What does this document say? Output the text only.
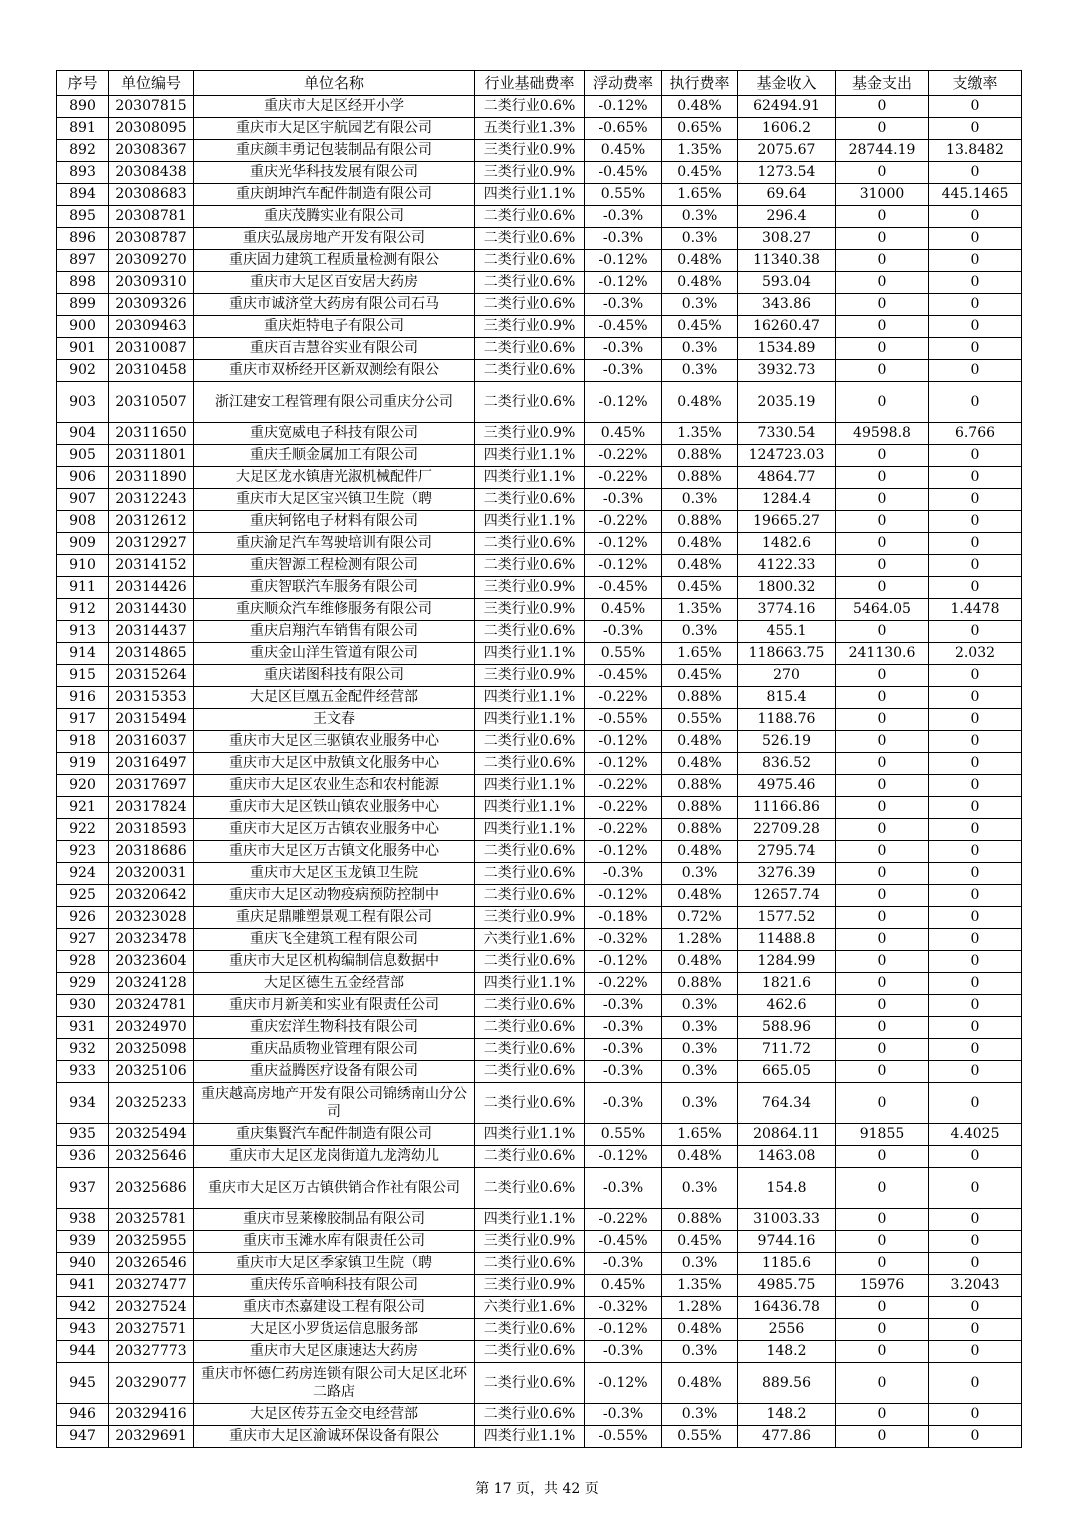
序号	单位编号	单位名称	行业基础费率	浮动费率	执行费率	基金收入	基金支出	支缴率
890	20307815	重庆市大足区经开小学	二类行业0.6%	-0.12%	0.48%	62494.91	0	0
891	20308095	重庆市大足区宇航园艺有限公司	五类行业1.3%	-0.65%	0.65%	1606.2	0	0
892	20308367	重庆颜丰勇记包装制品有限公司	三类行业0.9%	0.45%	1.35%	2075.67	28744.19	13.8482
893	20308438	重庆光华科技发展有限公司	三类行业0.9%	-0.45%	0.45%	1273.54	0	0
894	20308683	重庆朗坤汽车配件制造有限公司	四类行业1.1%	0.55%	1.65%	69.64	31000	445.1465
895	20308781	重庆茂腾实业有限公司	二类行业0.6%	-0.3%	0.3%	296.4	0	0
896	20308787	重庆弘晟房地产开发有限公司	二类行业0.6%	-0.3%	0.3%	308.27	0	0
897	20309270	重庆固力建筑工程质量检测有限公	二类行业0.6%	-0.12%	0.48%	11340.38	0	0
898	20309310	重庆市大足区百安居大药房	二类行业0.6%	-0.12%	0.48%	593.04	0	0
899	20309326	重庆市诚济堂大药房有限公司石马	二类行业0.6%	-0.3%	0.3%	343.86	0	0
900	20309463	重庆炬特电子有限公司	三类行业0.9%	-0.45%	0.45%	16260.47	0	0
901	20310087	重庆百吉慧谷实业有限公司	二类行业0.6%	-0.3%	0.3%	1534.89	0	0
902	20310458	重庆市双桥经开区新双测绘有限公	二类行业0.6%	-0.3%	0.3%	3932.73	0	0
903	20310507	浙江建安工程管理有限公司重庆分公司	二类行业0.6%	-0.12%	0.48%	2035.19	0	0
904	20311650	重庆宽威电子科技有限公司	三类行业0.9%	0.45%	1.35%	7330.54	49598.8	6.766
905	20311801	重庆壬顺金属加工有限公司	四类行业1.1%	-0.22%	0.88%	124723.03	0	0
906	20311890	大足区龙水镇唐光淑机械配件厂	四类行业1.1%	-0.22%	0.88%	4864.77	0	0
907	20312243	重庆市大足区宝兴镇卫生院（聘	二类行业0.6%	-0.3%	0.3%	1284.4	0	0
908	20312612	重庆轲铭电子材料有限公司	四类行业1.1%	-0.22%	0.88%	19665.27	0	0
909	20312927	重庆渝足汽车驾驶培训有限公司	二类行业0.6%	-0.12%	0.48%	1482.6	0	0
910	20314152	重庆智源工程检测有限公司	二类行业0.6%	-0.12%	0.48%	4122.33	0	0
911	20314426	重庆智联汽车服务有限公司	三类行业0.9%	-0.45%	0.45%	1800.32	0	0
912	20314430	重庆顺众汽车维修服务有限公司	三类行业0.9%	0.45%	1.35%	3774.16	5464.05	1.4478
913	20314437	重庆启翔汽车销售有限公司	二类行业0.6%	-0.3%	0.3%	455.1	0	0
914	20314865	重庆金山洋生管道有限公司	四类行业1.1%	0.55%	1.65%	118663.75	241130.6	2.032
915	20315264	重庆诺图科技有限公司	三类行业0.9%	-0.45%	0.45%	270	0	0
916	20315353	大足区巨凰五金配件经营部	四类行业1.1%	-0.22%	0.88%	815.4	0	0
917	20315494	王文春	四类行业1.1%	-0.55%	0.55%	1188.76	0	0
918	20316037	重庆市大足区三驱镇农业服务中心	二类行业0.6%	-0.12%	0.48%	526.19	0	0
919	20316497	重庆市大足区中敖镇文化服务中心	二类行业0.6%	-0.12%	0.48%	836.52	0	0
920	20317697	重庆市大足区农业生态和农村能源	四类行业1.1%	-0.22%	0.88%	4975.46	0	0
921	20317824	重庆市大足区铁山镇农业服务中心	四类行业1.1%	-0.22%	0.88%	11166.86	0	0
922	20318593	重庆市大足区万古镇农业服务中心	四类行业1.1%	-0.22%	0.88%	22709.28	0	0
923	20318686	重庆市大足区万古镇文化服务中心	二类行业0.6%	-0.12%	0.48%	2795.74	0	0
924	20320031	重庆市大足区玉龙镇卫生院	二类行业0.6%	-0.3%	0.3%	3276.39	0	0
925	20320642	重庆市大足区动物疫病预防控制中	二类行业0.6%	-0.12%	0.48%	12657.74	0	0
926	20323028	重庆足鼎雕塑景观工程有限公司	三类行业0.9%	-0.18%	0.72%	1577.52	0	0
927	20323478	重庆飞全建筑工程有限公司	六类行业1.6%	-0.32%	1.28%	11488.8	0	0
928	20323604	重庆市大足区机构编制信息数据中	二类行业0.6%	-0.12%	0.48%	1284.99	0	0
929	20324128	大足区德生五金经营部	四类行业1.1%	-0.22%	0.88%	1821.6	0	0
930	20324781	重庆市月新美和实业有限责任公司	二类行业0.6%	-0.3%	0.3%	462.6	0	0
931	20324970	重庆宏洋生物科技有限公司	二类行业0.6%	-0.3%	0.3%	588.96	0	0
932	20325098	重庆品质物业管理有限公司	二类行业0.6%	-0.3%	0.3%	711.72	0	0
933	20325106	重庆益腾医疗设备有限公司	二类行业0.6%	-0.3%	0.3%	665.05	0	0
934	20325233	重庆越高房地产开发有限公司锦绣南山分公司	二类行业0.6%	-0.3%	0.3%	764.34	0	0
935	20325494	重庆集賢汽车配件制造有限公司	四类行业1.1%	0.55%	1.65%	20864.11	91855	4.4025
936	20325646	重庆市大足区龙岗街道九龙湾幼儿	二类行业0.6%	-0.12%	0.48%	1463.08	0	0
937	20325686	重庆市大足区万古镇供销合作社有限公司	二类行业0.6%	-0.3%	0.3%	154.8	0	0
938	20325781	重庆市昱莱橡胶制品有限公司	四类行业1.1%	-0.22%	0.88%	31003.33	0	0
939	20325955	重庆市玉滩水库有限责任公司	三类行业0.9%	-0.45%	0.45%	9744.16	0	0
940	20326546	重庆市大足区季家镇卫生院（聘	二类行业0.6%	-0.3%	0.3%	1185.6	0	0
941	20327477	重庆传乐音响科技有限公司	三类行业0.9%	0.45%	1.35%	4985.75	15976	3.2043
942	20327524	重庆市杰嘉建设工程有限公司	六类行业1.6%	-0.32%	1.28%	16436.78	0	0
943	20327571	大足区小罗货运信息服务部	二类行业0.6%	-0.12%	0.48%	2556	0	0
944	20327773	重庆市大足区康速达大药房	二类行业0.6%	-0.3%	0.3%	148.2	0	0
945	20329077	重庆市怀德仁药房连锁有限公司大足区北环二路店	二类行业0.6%	-0.12%	0.48%	889.56	0	0
946	20329416	大足区传芬五金交电经营部	二类行业0.6%	-0.3%	0.3%	148.2	0	0
947	20329691	重庆市大足区渝诚环保设备有限公	四类行业1.1%	-0.55%	0.55%	477.86	0	0
第 17 页，共 42 页
